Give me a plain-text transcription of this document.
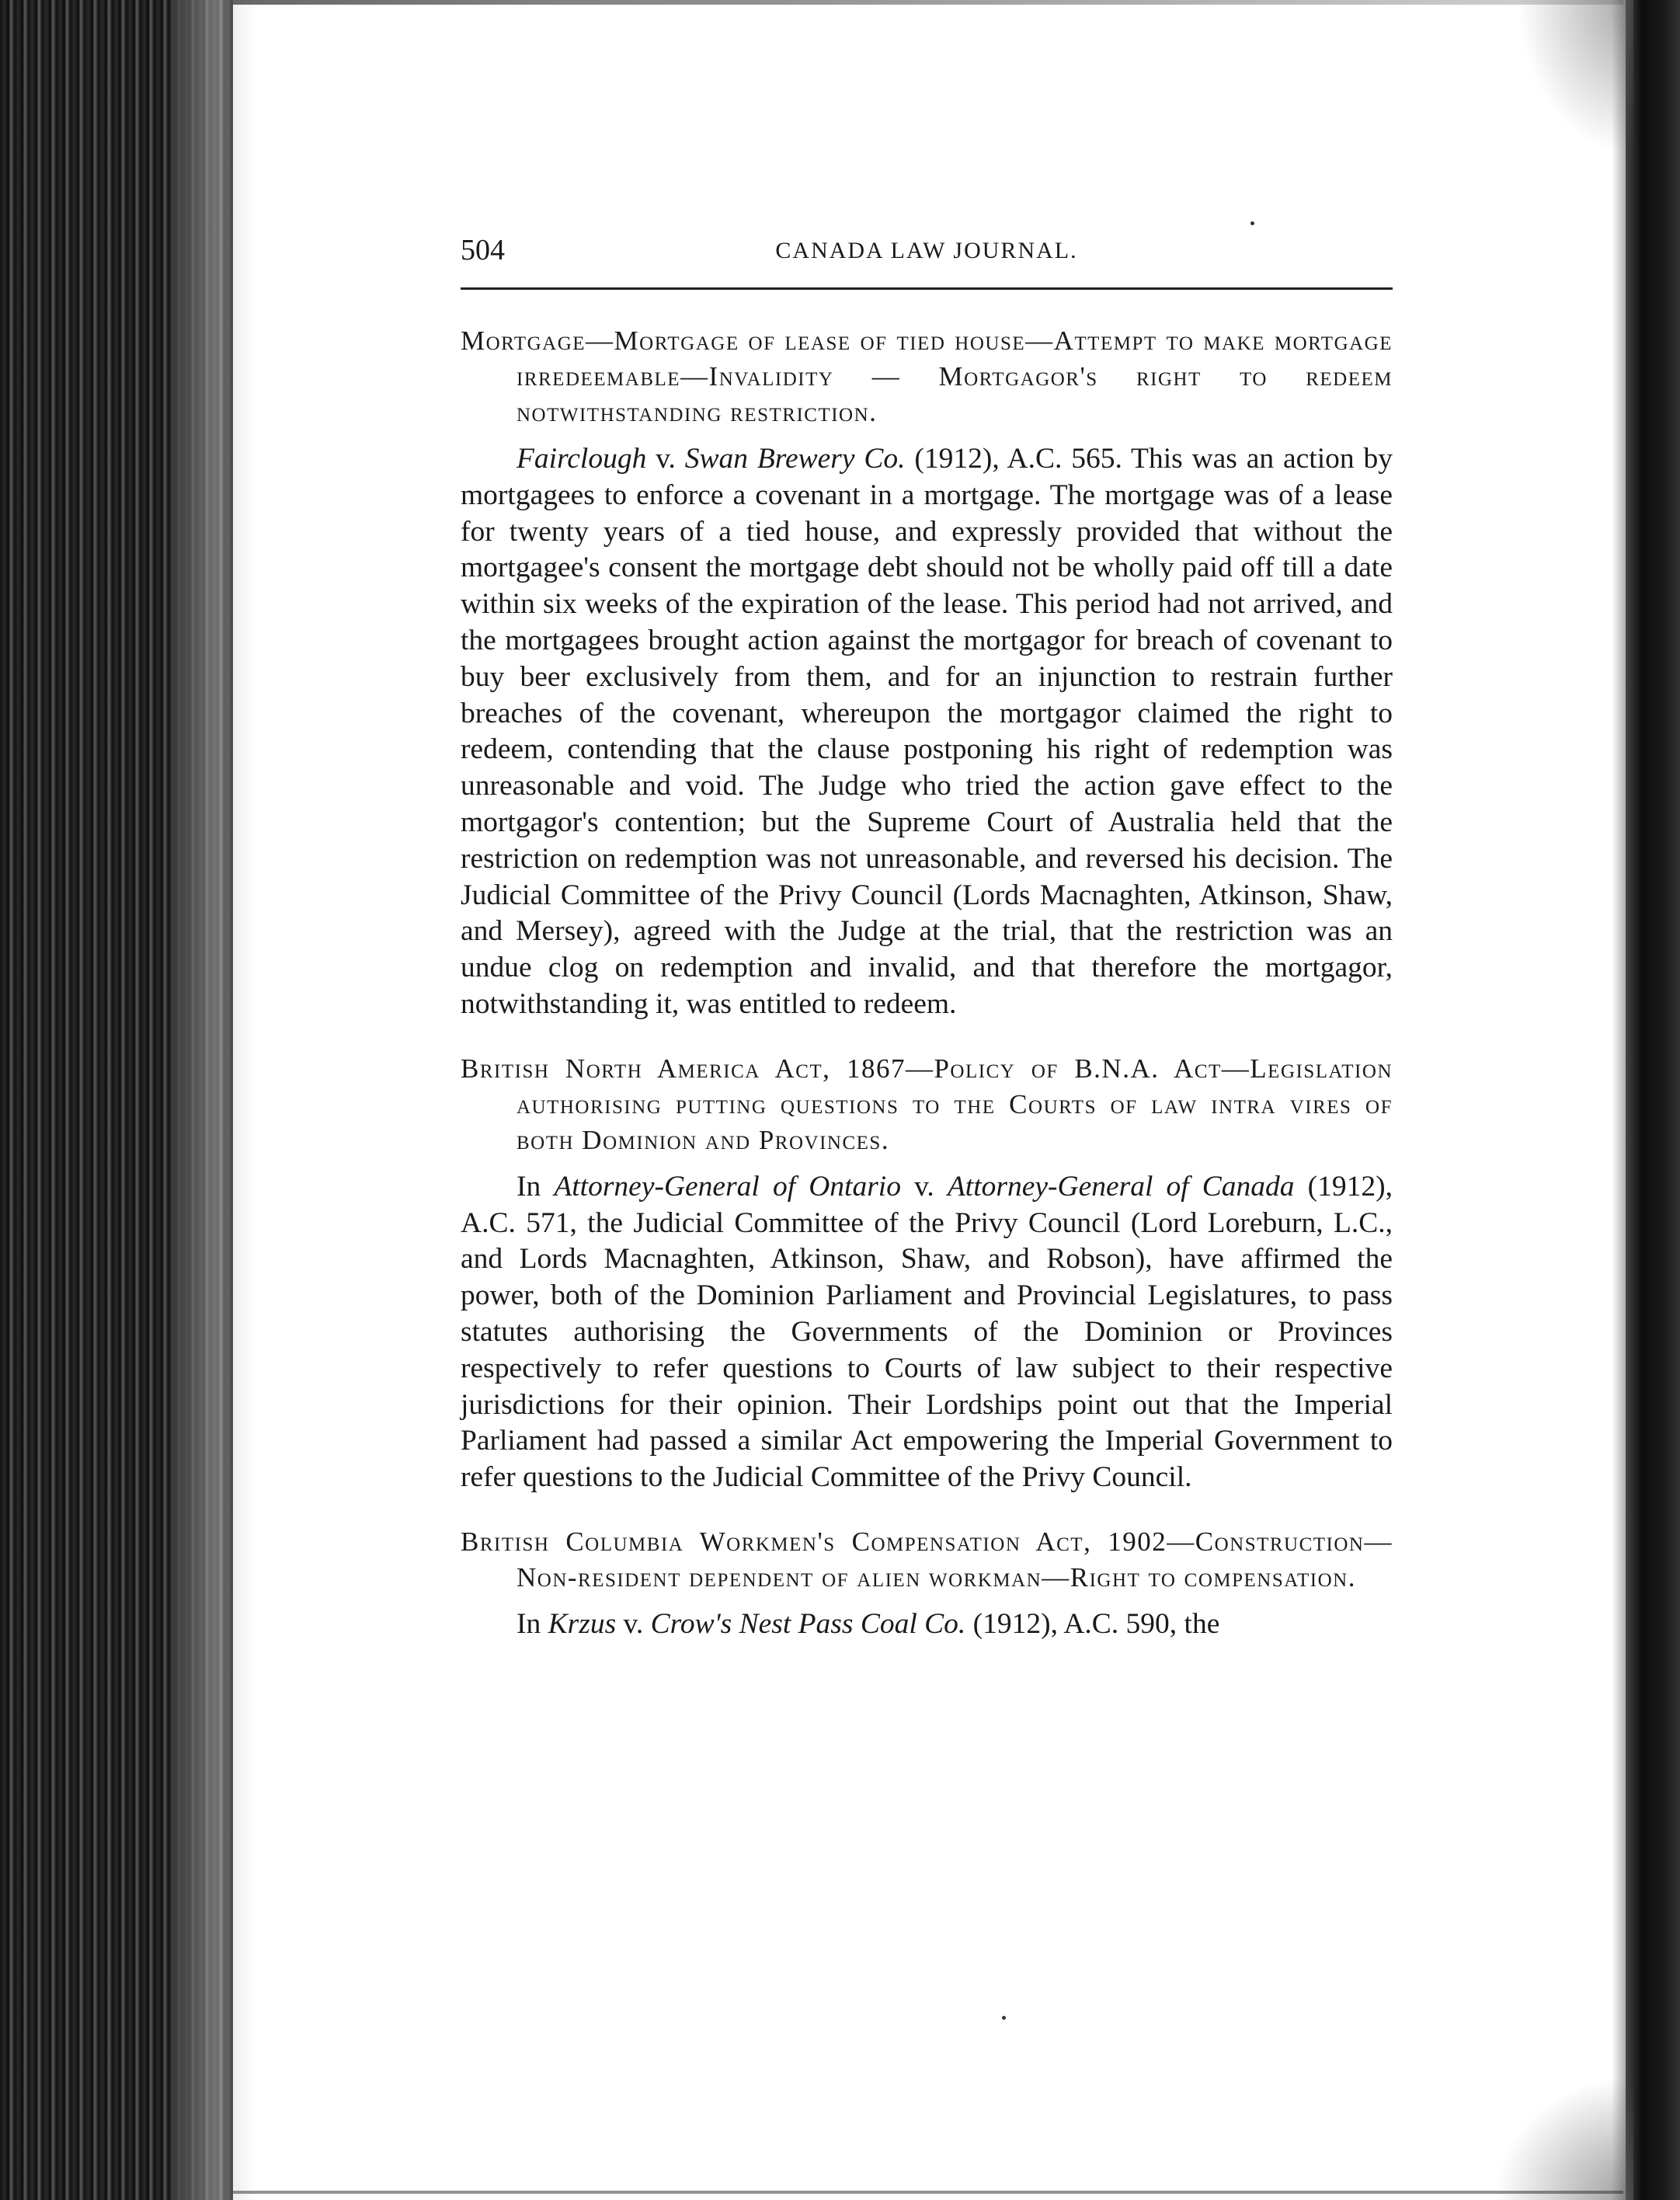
504	CANADA LAW JOURNAL.

Mortgage—Mortgage of lease of tied house—Attempt to make mortgage irredeemable—Invalidity — Mortgagor's right to redeem notwithstanding restriction.

Fairclough v. Swan Brewery Co. (1912), A.C. 565. This was an action by mortgagees to enforce a covenant in a mortgage. The mortgage was of a lease for twenty years of a tied house, and expressly provided that without the mortgagee's consent the mortgage debt should not be wholly paid off till a date within six weeks of the expiration of the lease. This period had not arrived, and the mortgagees brought action against the mortgagor for breach of covenant to buy beer exclusively from them, and for an injunction to restrain further breaches of the covenant, whereupon the mortgagor claimed the right to redeem, contending that the clause postponing his right of redemption was unreasonable and void. The Judge who tried the action gave effect to the mortgagor's contention; but the Supreme Court of Australia held that the restriction on redemption was not unreasonable, and reversed his decision. The Judicial Committee of the Privy Council (Lords Macnaghten, Atkinson, Shaw, and Mersey), agreed with the Judge at the trial, that the restriction was an undue clog on redemption and invalid, and that therefore the mortgagor, notwithstanding it, was entitled to redeem.

British North America Act, 1867—Policy of B.N.A. Act—Legislation authorising putting questions to the Courts of law intra vires of both Dominion and Provinces.

In Attorney-General of Ontario v. Attorney-General of Canada (1912), A.C. 571, the Judicial Committee of the Privy Council (Lord Loreburn, L.C., and Lords Macnaghten, Atkinson, Shaw, and Robson), have affirmed the power, both of the Dominion Parliament and Provincial Legislatures, to pass statutes authorising the Governments of the Dominion or Provinces respectively to refer questions to Courts of law subject to their respective jurisdictions for their opinion. Their Lordships point out that the Imperial Parliament had passed a similar Act empowering the Imperial Government to refer questions to the Judicial Committee of the Privy Council.

British Columbia Workmen's Compensation Act, 1902—Construction—Non-resident dependent of alien workman—Right to compensation.

In Krzus v. Crow's Nest Pass Coal Co. (1912), A.C. 590, the
